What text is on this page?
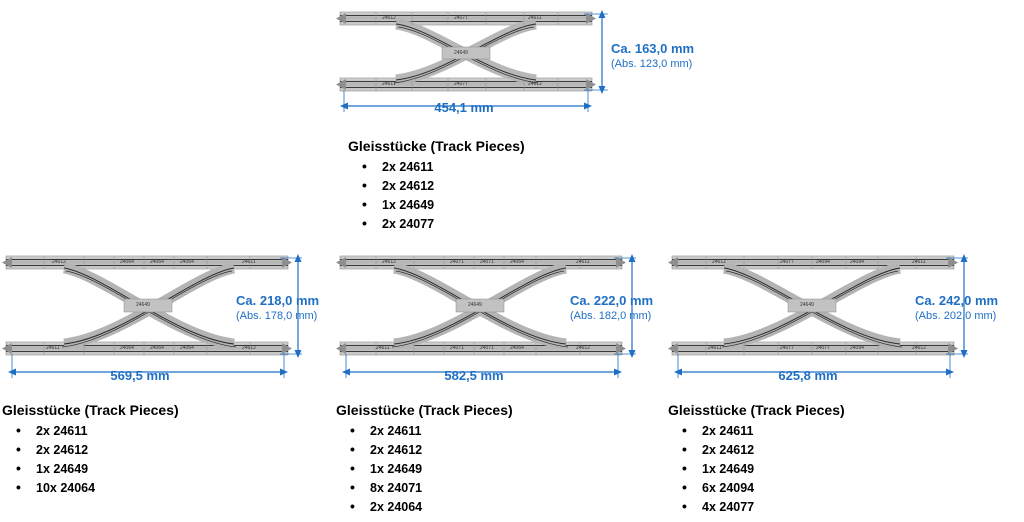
24612	24077	24611
24611	24077	24612
24649	Ca. 163,0 mm
(Abs. 123,0 mm)
454,1 mm
Gleisstücke (Track Pieces)
• 2x 24611
• 2x 24612
• 1x 24649
• 2x 24077
24612	24064	24064	24064	24611
24611	24064	24064	24064	24612
24649	Ca. 218,0 mm
(Abs. 178,0 mm)
569,5 mm
Gleisstücke (Track Pieces)
• 2x 24611
• 2x 24612
• 1x 24649
• 10x 24064
24612	24071	24071	24064	24611
24611	24071	24071	24064	24612
24649	Ca. 222,0 mm
(Abs. 182,0 mm)
582,5 mm
Gleisstücke (Track Pieces)
• 2x 24611
• 2x 24612
• 1x 24649
• 8x 24071
• 2x 24064
24612	24077	24094	24094	24611
24611	24077	24077	24094	24612
24649	Ca. 242,0 mm
(Abs. 202,0 mm)
625,8 mm
Gleisstücke (Track Pieces)
• 2x 24611
• 2x 24612
• 1x 24649
• 6x 24094
• 4x 24077
